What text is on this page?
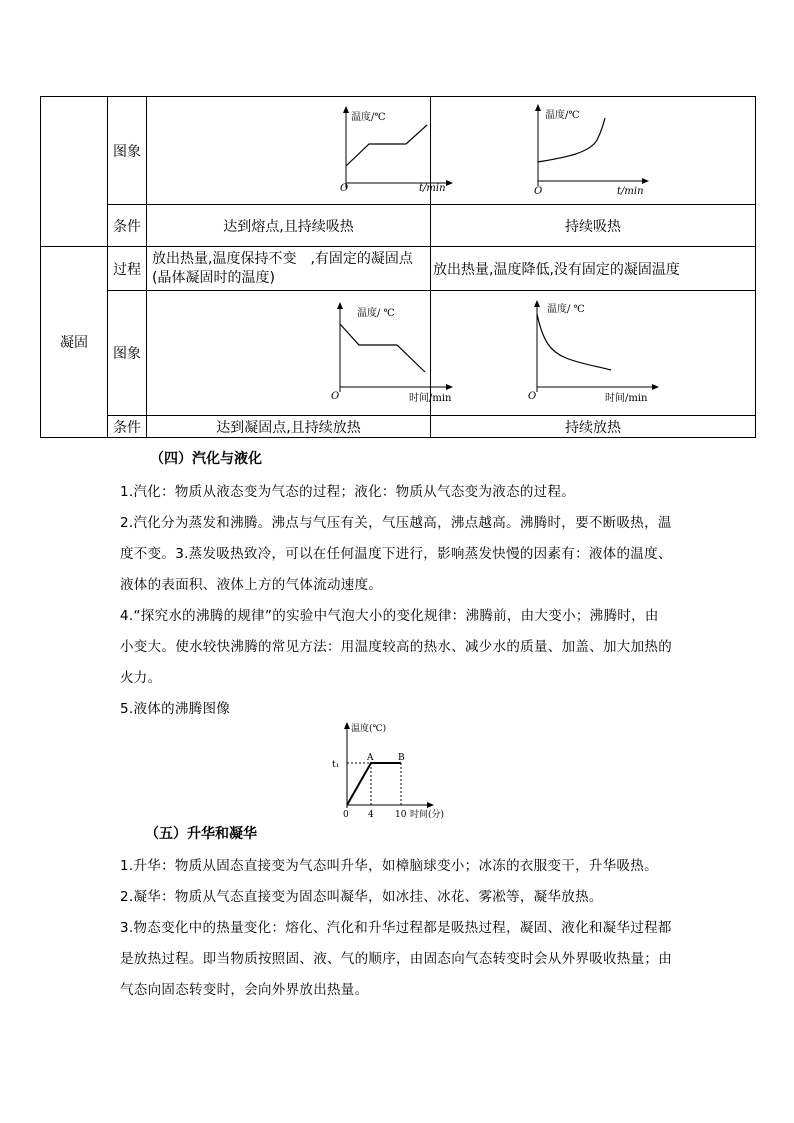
	图象	温度/℃
O t/min	温度/℃
O t/min

	条件	达到熔点,且持续吸热	持续吸热
凝固	过程	放出热量,温度保持不变　,有固定的凝固点
(晶体凝固时的温度)	放出热量,温度降低,没有固定的凝固温度
	图象	温度/ ℃
O 时间/min	温度/ ℃
O 时间/min

	条件	达到凝固点,且持续放热	持续放热
（四）汽化与液化
1.汽化：物质从液态变为气态的过程；液化：物质从气态变为液态的过程。
2.汽化分为蒸发和沸腾。沸点与气压有关，气压越高，沸点越高。沸腾时，要不断吸热，温
度不变。3.蒸发吸热致冷，可以在任何温度下进行，影响蒸发快慢的因素有：液体的温度、
液体的表面积、液体上方的气体流动速度。
4.“探究水的沸腾的规律”的实验中气泡大小的变化规律：沸腾前，由大变小；沸腾时，由
小变大。使水较快沸腾的常见方法：用温度较高的热水、减少水的质量、加盖、加大加热的
火力。
5.液体的沸腾图像
温度(℃)
t₁
A	B
0 4 10 时间(分)
（五）升华和凝华
1.升华：物质从固态直接变为气态叫升华，如樟脑球变小；冰冻的衣服变干，升华吸热。
2.凝华：物质从气态直接变为固态叫凝华，如冰挂、冰花、雾凇等，凝华放热。
3.物态变化中的热量变化：熔化、汽化和升华过程都是吸热过程，凝固、液化和凝华过程都
是放热过程。即当物质按照固、液、气的顺序，由固态向气态转变时会从外界吸收热量；由
气态向固态转变时，会向外界放出热量。
